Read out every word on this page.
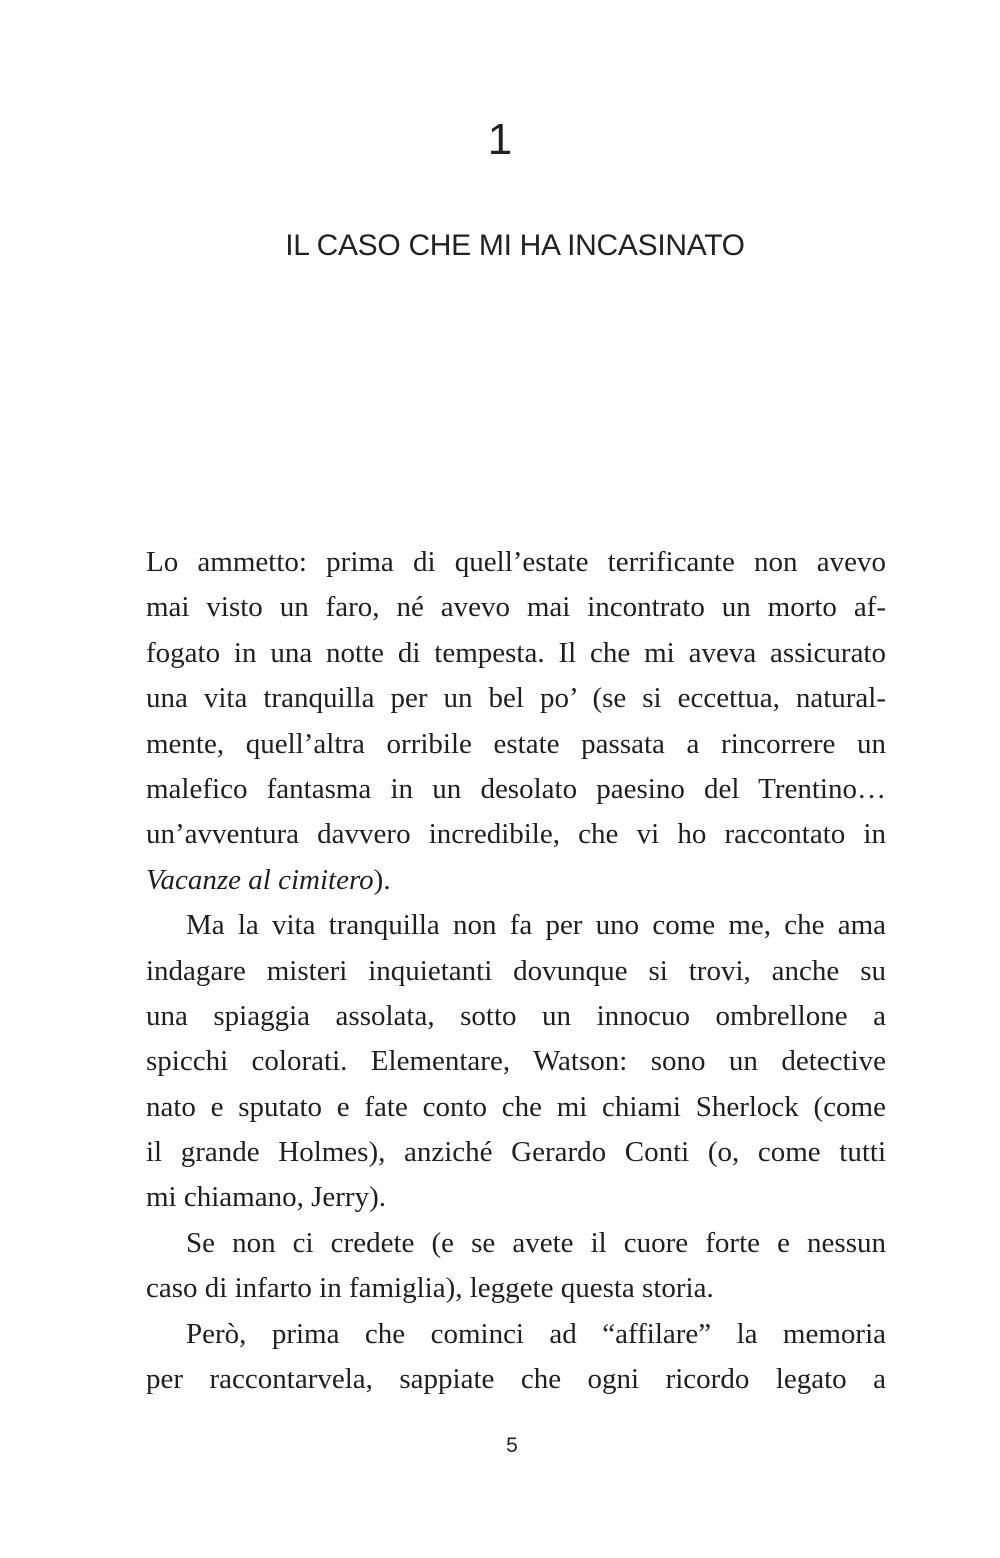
1
IL CASO CHE MI HA INCASINATO
Lo ammetto: prima di quell’estate terrificante non avevo
mai visto un faro, né avevo mai incontrato un morto af-
fogato in una notte di tempesta. Il che mi aveva assicurato
una vita tranquilla per un bel po’ (se si eccettua, natural-
mente, quell’altra orribile estate passata a rincorrere un
malefico fantasma in un desolato paesino del Trentino…
un’avventura davvero incredibile, che vi ho raccontato in
Vacanze al cimitero).
Ma la vita tranquilla non fa per uno come me, che ama
indagare misteri inquietanti dovunque si trovi, anche su
una spiaggia assolata, sotto un innocuo ombrellone a
spicchi colorati. Elementare, Watson: sono un detective
nato e sputato e fate conto che mi chiami Sherlock (come
il grande Holmes), anziché Gerardo Conti (o, come tutti
mi chiamano, Jerry).
Se non ci credete (e se avete il cuore forte e nessun
caso di infarto in famiglia), leggete questa storia.
Però, prima che cominci ad “affilare” la memoria
per raccontarvela, sappiate che ogni ricordo legato a
5
